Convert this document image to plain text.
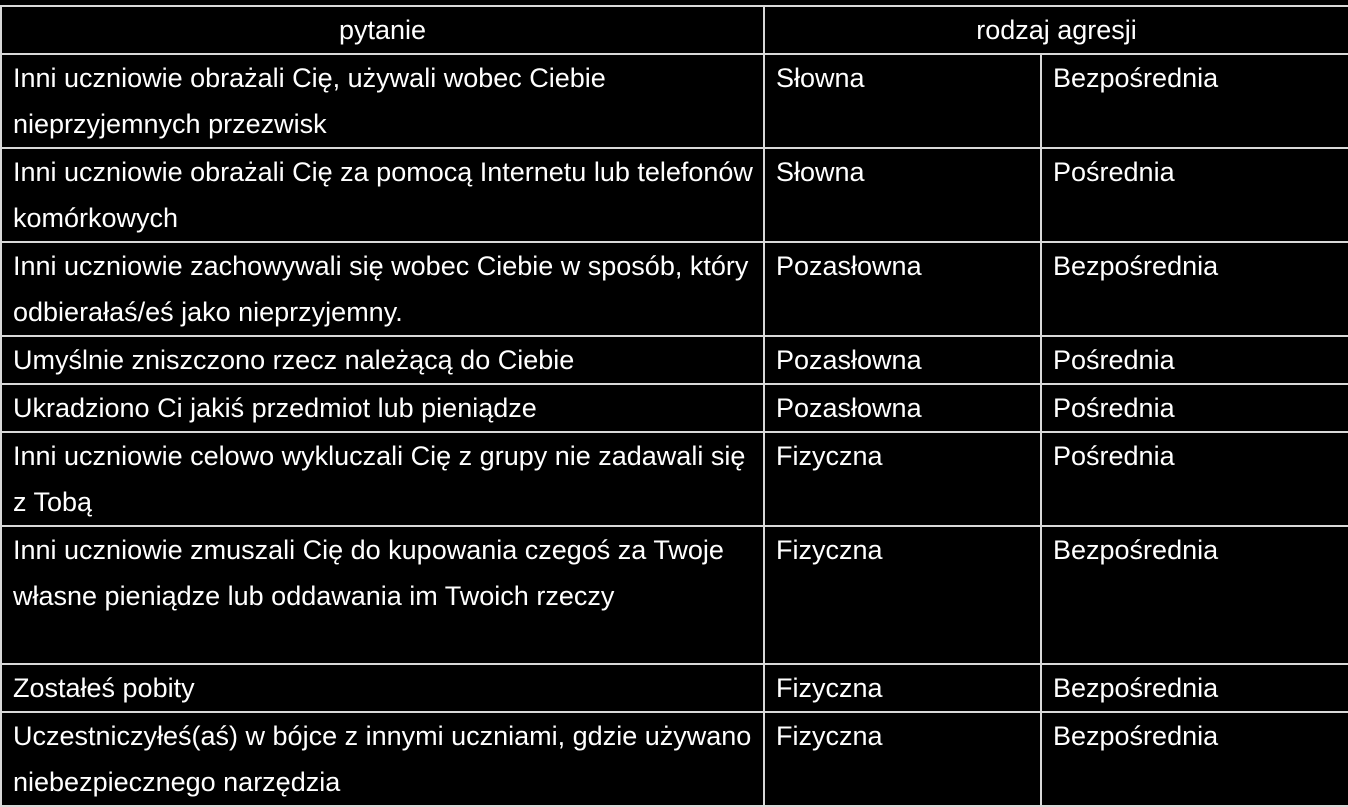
pytanie	rodzaj agresji	
Inni uczniowie obrażali Cię, używali wobec Ciebie nieprzyjemnych przezwisk	Słowna	Bezpośrednia
Inni uczniowie obrażali Cię za pomocą Internetu lub telefonów komórkowych	Słowna	Pośrednia
Inni uczniowie zachowywali się wobec Ciebie w sposób, który odbierałaś/eś jako nieprzyjemny.	Pozasłowna	Bezpośrednia
Umyślnie zniszczono rzecz należącą do Ciebie	Pozasłowna	Pośrednia
Ukradziono Ci jakiś przedmiot lub pieniądze	Pozasłowna	Pośrednia
Inni uczniowie celowo wykluczali Cię z grupy nie zadawali się z Tobą	Fizyczna	Pośrednia
Inni uczniowie zmuszali Cię do kupowania czegoś za Twoje własne pieniądze lub oddawania im Twoich rzeczy	Fizyczna	Bezpośrednia
Zostałeś pobity	Fizyczna	Bezpośrednia
Uczestniczyłeś(aś) w bójce z innymi uczniami, gdzie używano niebezpiecznego narzędzia	Fizyczna	Bezpośrednia
